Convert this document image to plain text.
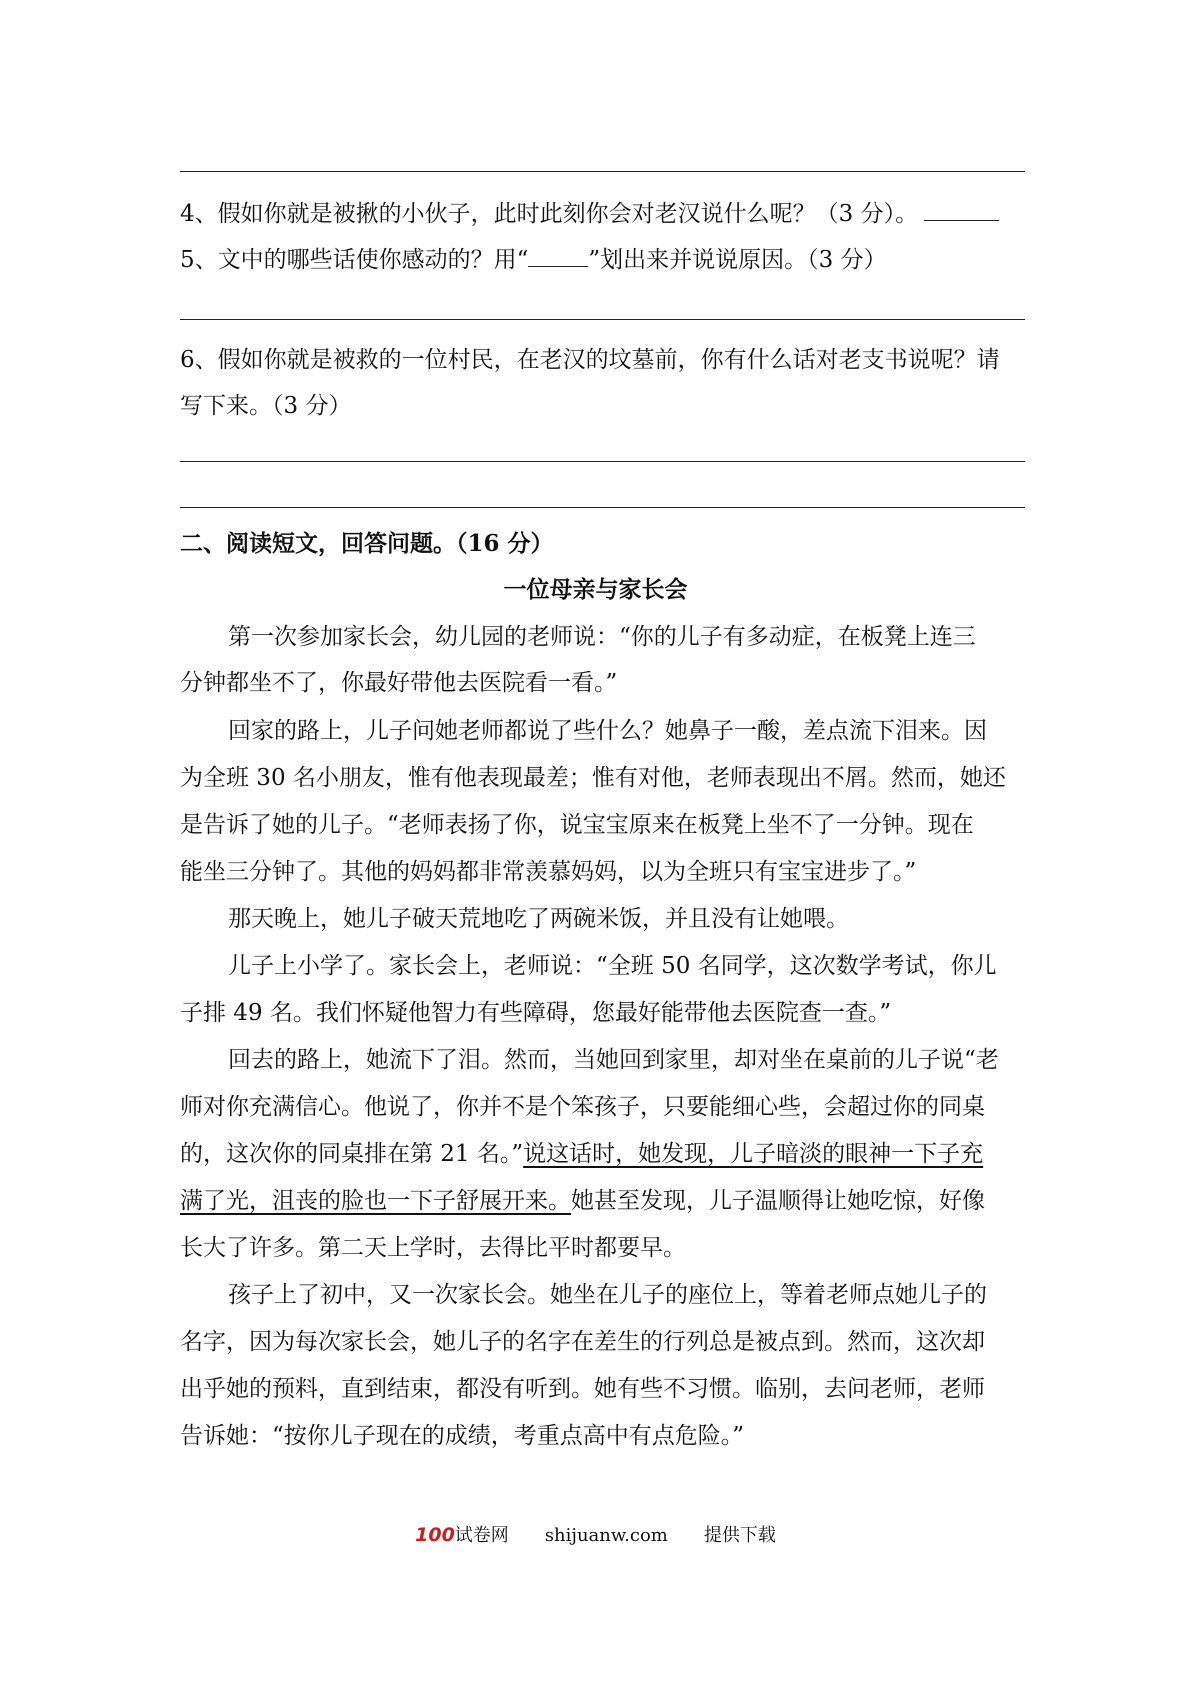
4、假如你就是被揪的小伙子，此时此刻你会对老汉说什么呢？（3 分）。
5、文中的哪些话使你感动的？用“	”划出来并说说原因。（3 分）
6、假如你就是被救的一位村民，在老汉的坟墓前，你有什么话对老支书说呢？请
写下来。（3 分）
二、阅读短文，回答问题。（16 分）
一位母亲与家长会
第一次参加家长会，幼儿园的老师说：“你的儿子有多动症，在板凳上连三
分钟都坐不了，你最好带他去医院看一看。”
回家的路上，儿子问她老师都说了些什么？她鼻子一酸，差点流下泪来。因
为全班 30 名小朋友，惟有他表现最差；惟有对他，老师表现出不屑。然而，她还
是告诉了她的儿子。“老师表扬了你，说宝宝原来在板凳上坐不了一分钟。现在
能坐三分钟了。其他的妈妈都非常羡慕妈妈，以为全班只有宝宝进步了。”
那天晚上，她儿子破天荒地吃了两碗米饭，并且没有让她喂。
儿子上小学了。家长会上，老师说：“全班 50 名同学，这次数学考试，你儿
子排 49 名。我们怀疑他智力有些障碍，您最好能带他去医院查一查。”
回去的路上，她流下了泪。然而，当她回到家里，却对坐在桌前的儿子说“老
师对你充满信心。他说了，你并不是个笨孩子，只要能细心些，会超过你的同桌
的，这次你的同桌排在第 21 名。”说这话时，她发现，儿子暗淡的眼神一下子充
满了光，沮丧的脸也一下子舒展开来。她甚至发现，儿子温顺得让她吃惊，好像
长大了许多。第二天上学时，去得比平时都要早。
孩子上了初中，又一次家长会。她坐在儿子的座位上，等着老师点她儿子的
名字，因为每次家长会，她儿子的名字在差生的行列总是被点到。然而，这次却
出乎她的预料，直到结束，都没有听到。她有些不习惯。临别，去问老师，老师
告诉她：“按你儿子现在的成绩，考重点高中有点危险。”
100试卷网 shijuanw.com 提供下载
